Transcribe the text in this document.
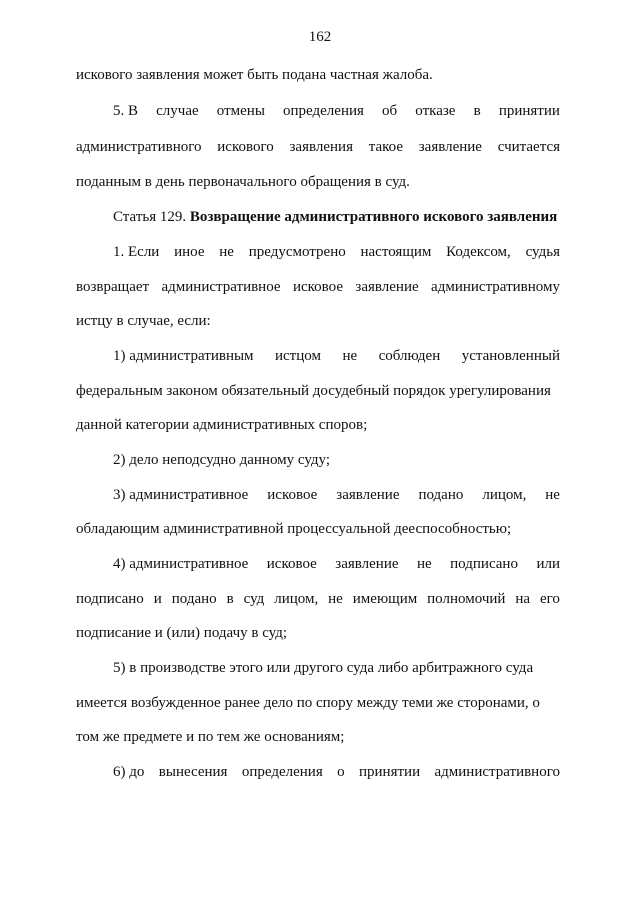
162
искового заявления может быть подана частная жалоба.
5. В случае отмены определения об отказе в принятии
административного искового заявления такое заявление считается
поданным в день первоначального обращения в суд.
Статья 129. Возвращение административного искового заявления
1. Если иное не предусмотрено настоящим Кодексом, судья
возвращает административное исковое заявление административному
истцу в случае, если:
1) административным истцом не соблюден установленный
федеральным законом обязательный досудебный порядок урегулирования
данной категории административных споров;
2) дело неподсудно данному суду;
3) административное исковое заявление подано лицом, не
обладающим административной процессуальной дееспособностью;
4) административное исковое заявление не подписано или
подписано и подано в суд лицом, не имеющим полномочий на его
подписание и (или) подачу в суд;
5) в производстве этого или другого суда либо арбитражного суда
имеется возбужденное ранее дело по спору между теми же сторонами, о
том же предмете и по тем же основаниям;
6) до вынесения определения о принятии административного
